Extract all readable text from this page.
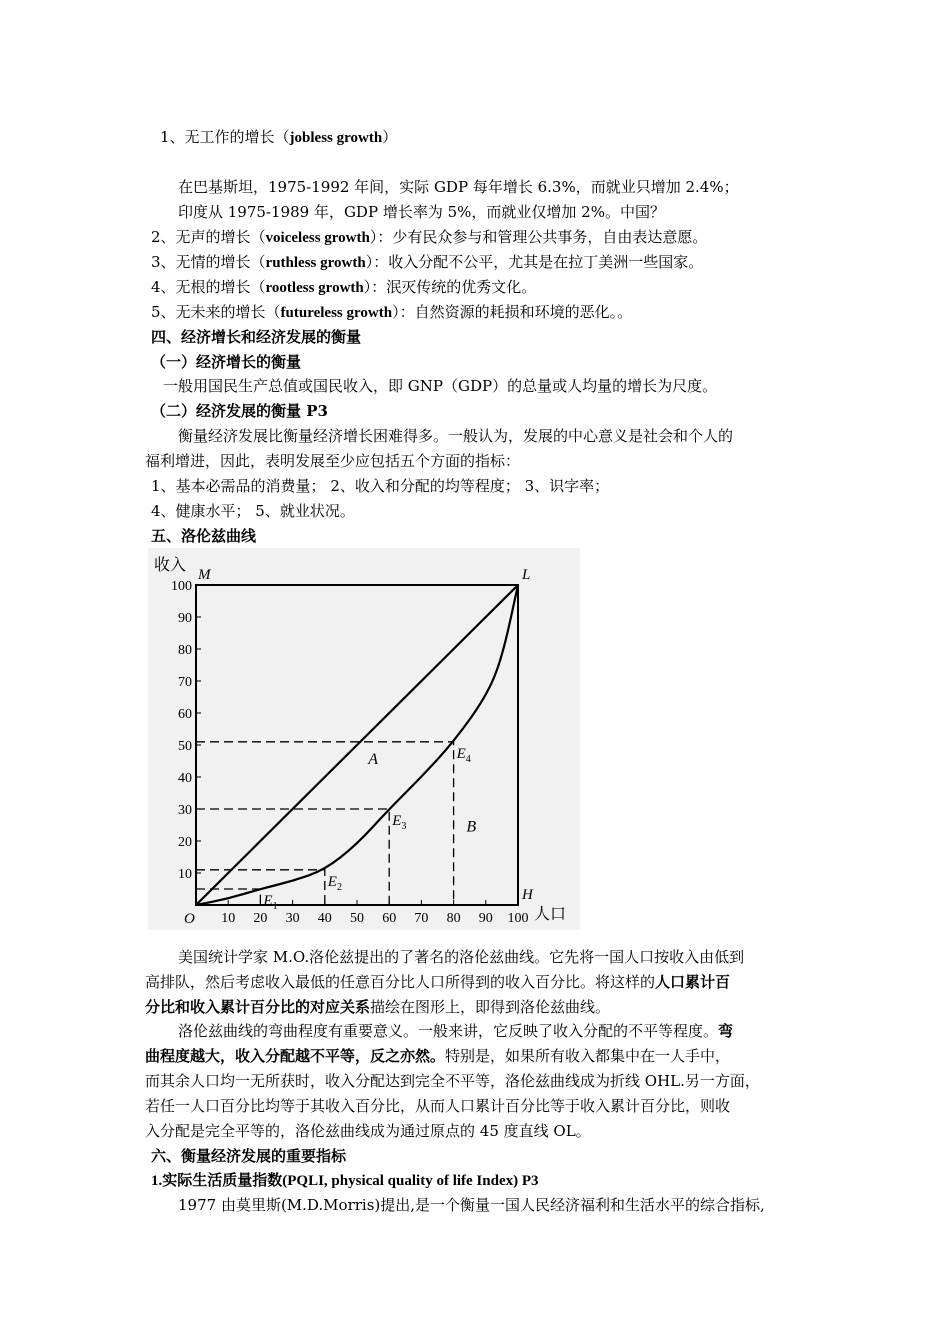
1、无工作的增长（jobless growth）
在巴基斯坦，1975-1992 年间，实际 GDP 每年增长 6.3%，而就业只增加 2.4%；
印度从 1975-1989 年，GDP 增长率为 5%，而就业仅增加 2%。中国？
2、无声的增长（voiceless growth）：少有民众参与和管理公共事务，自由表达意愿。
3、无情的增长（ruthless growth）：收入分配不公平，尤其是在拉丁美洲一些国家。
4、无根的增长（rootless growth）：泯灭传统的优秀文化。
5、无未来的增长（futureless growth）：自然资源的耗损和环境的恶化。。
四、经济增长和经济发展的衡量
（一）经济增长的衡量
一般用国民生产总值或国民收入，即 GNP（GDP）的总量或人均量的增长为尺度。
（二）经济发展的衡量 P3
衡量经济发展比衡量经济增长困难得多。一般认为，发展的中心意义是社会和个人的
福利增进，因此，表明发展至少应包括五个方面的指标：
1、基本必需品的消费量； 2、收入和分配的均等程度； 3、识字率；
4、健康水平； 5、就业状况。
五、洛伦兹曲线
10
20
30
40
50
60
70
80
90
100
10 20 30 40 50 60 70 80 90 100
收入
人口
O
M	L
H
$E_1$
$E_2$
$E_3$
$E_4$
A
B
美国统计学家 M.O.洛伦兹提出的了著名的洛伦兹曲线。它先将一国人口按收入由低到
高排队，然后考虑收入最低的任意百分比人口所得到的收入百分比。将这样的人口累计百
分比和收入累计百分比的对应关系描绘在图形上，即得到洛伦兹曲线。
洛伦兹曲线的弯曲程度有重要意义。一般来讲，它反映了收入分配的不平等程度。弯
曲程度越大，收入分配越不平等，反之亦然。特别是，如果所有收入都集中在一人手中，
而其余人口均一无所获时，收入分配达到完全不平等，洛伦兹曲线成为折线 OHL.另一方面，
若任一人口百分比均等于其收入百分比，从而人口累计百分比等于收入累计百分比，则收
入分配是完全平等的，洛伦兹曲线成为通过原点的 45 度直线 OL。
六、衡量经济发展的重要指标
1.实际生活质量指数(PQLI, physical quality of life Index) P3
1977 由莫里斯(M.D.Morris)提出,是一个衡量一国人民经济福利和生活水平的综合指标,
